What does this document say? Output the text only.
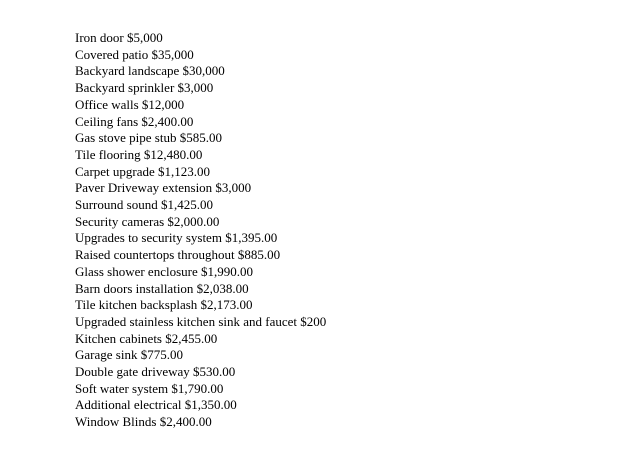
Iron door $5,000
Covered patio $35,000
Backyard landscape $30,000
Backyard sprinkler $3,000
Office walls $12,000
Ceiling fans $2,400.00
Gas stove pipe stub $585.00
Tile flooring $12,480.00
Carpet upgrade $1,123.00
Paver Driveway extension $3,000
Surround sound $1,425.00
Security cameras $2,000.00
Upgrades to security system $1,395.00
Raised countertops throughout $885.00
Glass shower enclosure $1,990.00
Barn doors installation $2,038.00
Tile kitchen backsplash $2,173.00
Upgraded stainless kitchen sink and faucet $200
Kitchen cabinets $2,455.00
Garage sink $775.00
Double gate driveway $530.00
Soft water system $1,790.00
Additional electrical $1,350.00
Window Blinds $2,400.00
